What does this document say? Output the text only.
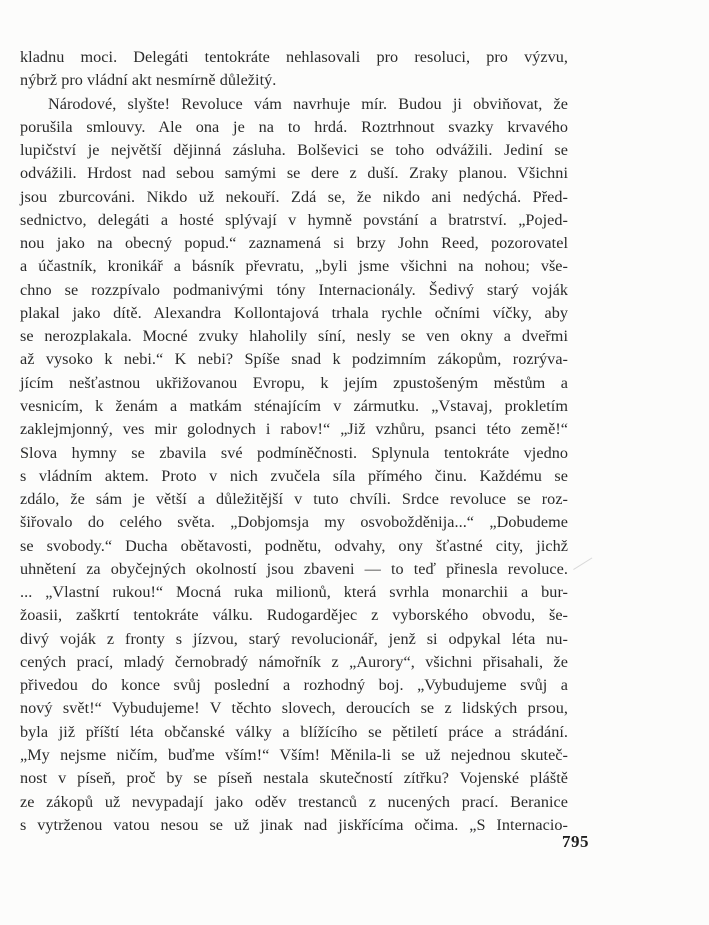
kladnu moci. Delegáti tentokráte nehlasovali pro resoluci, pro výzvu,
nýbrž pro vládní akt nesmírně důležitý.
Národové, slyšte! Revoluce vám navrhuje mír. Budou ji obviňovat, že
porušila smlouvy. Ale ona je na to hrdá. Roztrhnout svazky krvavého
lupičství je největší dějinná zásluha. Bolševici se toho odvážili. Jediní se
odvážili. Hrdost nad sebou samými se dere z duší. Zraky planou. Všichni
jsou zburcováni. Nikdo už nekouří. Zdá se, že nikdo ani nedýchá. Před-
sednictvo, delegáti a hosté splývají v hymně povstání a bratrství. „Pojed-
nou jako na obecný popud.“ zaznamená si brzy John Reed, pozorovatel
a účastník, kronikář a básník převratu, „byli jsme všichni na nohou; vše-
chno se rozzpívalo podmanivými tóny Internacionály. Šedivý starý voják
plakal jako dítě. Alexandra Kollontajová trhala rychle očními víčky, aby
se nerozplakala. Mocné zvuky hlaholily síní, nesly se ven okny a dveřmi
až vysoko k nebi.“ K nebi? Spíše snad k podzimním zákopům, rozrýva-
jícím nešťastnou ukřižovanou Evropu, k jejím zpustošeným městům a
vesnicím, k ženám a matkám sténajícím v zármutku. „Vstavaj, prokletím
zaklejmjonný, ves mir golodnych i rabov!“ „Již vzhůru, psanci této země!“
Slova hymny se zbavila své podmíněčnosti. Splynula tentokráte vjedno
s vládním aktem. Proto v nich zvučela síla přímého činu. Každému se
zdálo, že sám je větší a důležitější v tuto chvíli. Srdce revoluce se roz-
šiřovalo do celého světa. „Dobjomsja my osvobožděnija...“ „Dobudeme
se svobody.“ Ducha obětavosti, podnětu, odvahy, ony šťastné city, jichž
uhnětení za obyčejných okolností jsou zbaveni — to teď přinesla revoluce.
... „Vlastní rukou!“ Mocná ruka milionů, která svrhla monarchii a bur-
žoasii, zaškrtí tentokráte válku. Rudogardějec z vyborského obvodu, še-
divý voják z fronty s jízvou, starý revolucionář, jenž si odpykal léta nu-
cených prací, mladý černobradý námořník z „Aurory“, všichni přisahali, že
přivedou do konce svůj poslední a rozhodný boj. „Vybudujeme svůj a
nový svět!“ Vybudujeme! V těchto slovech, deroucích se z lidských prsou,
byla již příští léta občanské války a blížícího se pětiletí práce a strádání.
„My nejsme ničím, buďme vším!“ Vším! Měnila-li se už nejednou skuteč-
nost v píseň, proč by se píseň nestala skutečností zítřku? Vojenské pláště
ze zákopů už nevypadají jako oděv trestanců z nucených prací. Beranice
s vytrženou vatou nesou se už jinak nad jiskřícíma očima. „S Internacio-
795
